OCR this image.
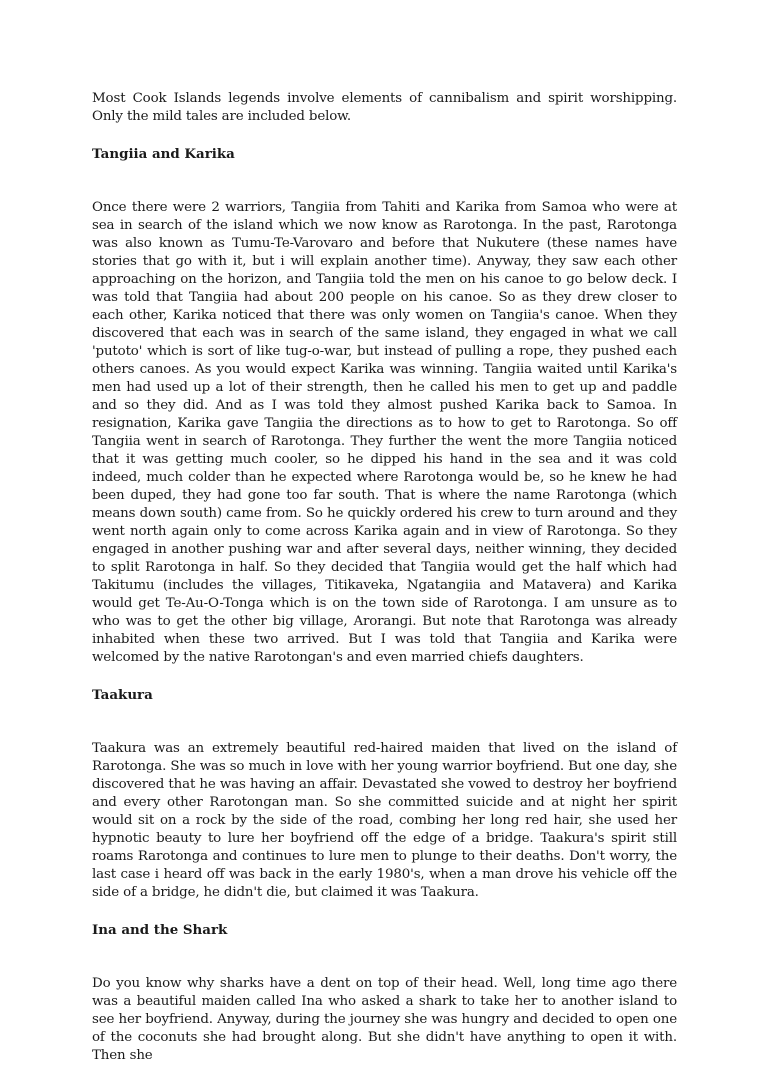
Most Cook Islands legends involve elements of cannibalism and spirit worshipping. Only the mild tales are included below.

Tangiia and Karika

Once there were 2 warriors, Tangiia from Tahiti and Karika from Samoa who were at sea in search of the island which we now know as Rarotonga. In the past, Rarotonga was also known as Tumu-Te-Varovaro and before that Nukutere (these names have stories that go with it, but i will explain another time). Anyway, they saw each other approaching on the horizon, and Tangiia told the men on his canoe to go below deck. I was told that Tangiia had about 200 people on his canoe. So as they drew closer to each other, Karika noticed that there was only women on Tangiia's canoe. When they discovered that each was in search of the same island, they engaged in what we call 'putoto' which is sort of like tug-o-war, but instead of pulling a rope, they pushed each others canoes. As you would expect Karika was winning. Tangiia waited until Karika's men had used up a lot of their strength, then he called his men to get up and paddle and so they did. And as I was told they almost pushed Karika back to Samoa. In resignation, Karika gave Tangiia the directions as to how to get to Rarotonga. So off Tangiia went in search of Rarotonga. They further the went the more Tangiia noticed that it was getting much cooler, so he dipped his hand in the sea and it was cold indeed, much colder than he expected where Rarotonga would be, so he knew he had been duped, they had gone too far south. That is where the name Rarotonga (which means down south) came from. So he quickly ordered his crew to turn around and they went north again only to come across Karika again and in view of Rarotonga. So they engaged in another pushing war and after several days, neither winning, they decided to split Rarotonga in half. So they decided that Tangiia would get the half which had Takitumu (includes the villages, Titikaveka, Ngatangiia and Matavera) and Karika would get Te-Au-O-Tonga which is on the town side of Rarotonga. I am unsure as to who was to get the other big village, Arorangi. But note that Rarotonga was already inhabited when these two arrived. But I was told that Tangiia and Karika were welcomed by the native Rarotongan's and even married chiefs daughters.

Taakura

Taakura was an extremely beautiful red-haired maiden that lived on the island of Rarotonga. She was so much in love with her young warrior boyfriend. But one day, she discovered that he was having an affair. Devastated she vowed to destroy her boyfriend and every other Rarotongan man. So she committed suicide and at night her spirit would sit on a rock by the side of the road, combing her long red hair, she used her hypnotic beauty to lure her boyfriend off the edge of a bridge. Taakura's spirit still roams Rarotonga and continues to lure men to plunge to their deaths. Don't worry, the last case i heard off was back in the early 1980's, when a man drove his vehicle off the side of a bridge, he didn't die, but claimed it was Taakura.

Ina and the Shark

Do you know why sharks have a dent on top of their head. Well, long time ago there was a beautiful maiden called Ina who asked a shark to take her to another island to see her boyfriend. Anyway, during the journey she was hungry and decided to open one of the coconuts she had brought along. But she didn't have anything to open it with. Then she
